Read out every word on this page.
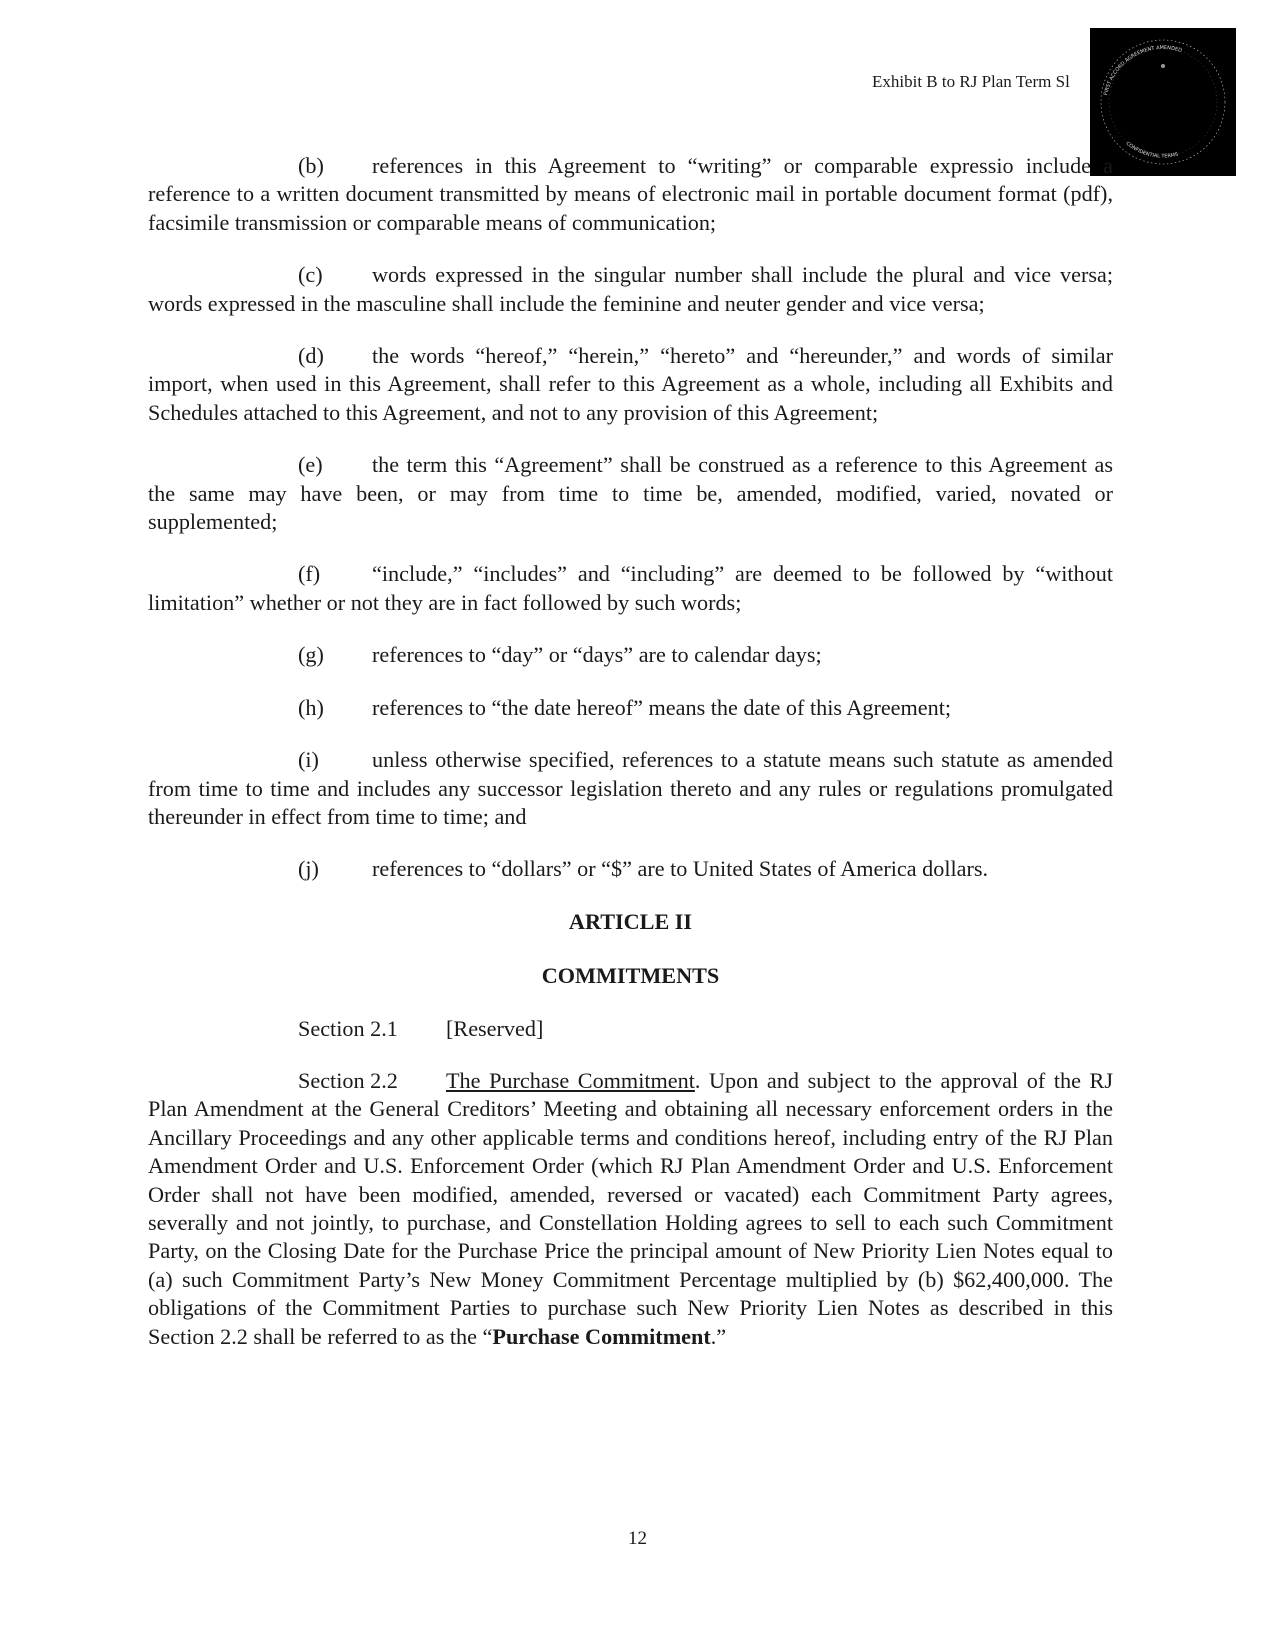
Exhibit B to RJ Plan Term Sl
FIRST ACCORD AGREEMENT AMENDED
CONFIDENTIAL TERMS

(b) references in this Agreement to “writing” or comparable expressio include a reference to a written document transmitted by means of electronic mail in portable document format (pdf), facsimile transmission or comparable means of communication;

(c) words expressed in the singular number shall include the plural and vice versa; words expressed in the masculine shall include the feminine and neuter gender and vice versa;

(d) the words “hereof,” “herein,” “hereto” and “hereunder,” and words of similar import, when used in this Agreement, shall refer to this Agreement as a whole, including all Exhibits and Schedules attached to this Agreement, and not to any provision of this Agreement;

(e) the term this “Agreement” shall be construed as a reference to this Agreement as the same may have been, or may from time to time be, amended, modified, varied, novated or supplemented;

(f) “include,” “includes” and “including” are deemed to be followed by “without limitation” whether or not they are in fact followed by such words;

(g) references to “day” or “days” are to calendar days;

(h) references to “the date hereof” means the date of this Agreement;

(i) unless otherwise specified, references to a statute means such statute as amended from time to time and includes any successor legislation thereto and any rules or regulations promulgated thereunder in effect from time to time; and

(j) references to “dollars” or “$” are to United States of America dollars.

ARTICLE II
COMMITMENTS

Section 2.1 [Reserved]

Section 2.2 The Purchase Commitment. Upon and subject to the approval of the RJ Plan Amendment at the General Creditors’ Meeting and obtaining all necessary enforcement orders in the Ancillary Proceedings and any other applicable terms and conditions hereof, including entry of the RJ Plan Amendment Order and U.S. Enforcement Order (which RJ Plan Amendment Order and U.S. Enforcement Order shall not have been modified, amended, reversed or vacated) each Commitment Party agrees, severally and not jointly, to purchase, and Constellation Holding agrees to sell to each such Commitment Party, on the Closing Date for the Purchase Price the principal amount of New Priority Lien Notes equal to (a) such Commitment Party’s New Money Commitment Percentage multiplied by (b) $62,400,000. The obligations of the Commitment Parties to purchase such New Priority Lien Notes as described in this Section 2.2 shall be referred to as the “Purchase Commitment.”

12
